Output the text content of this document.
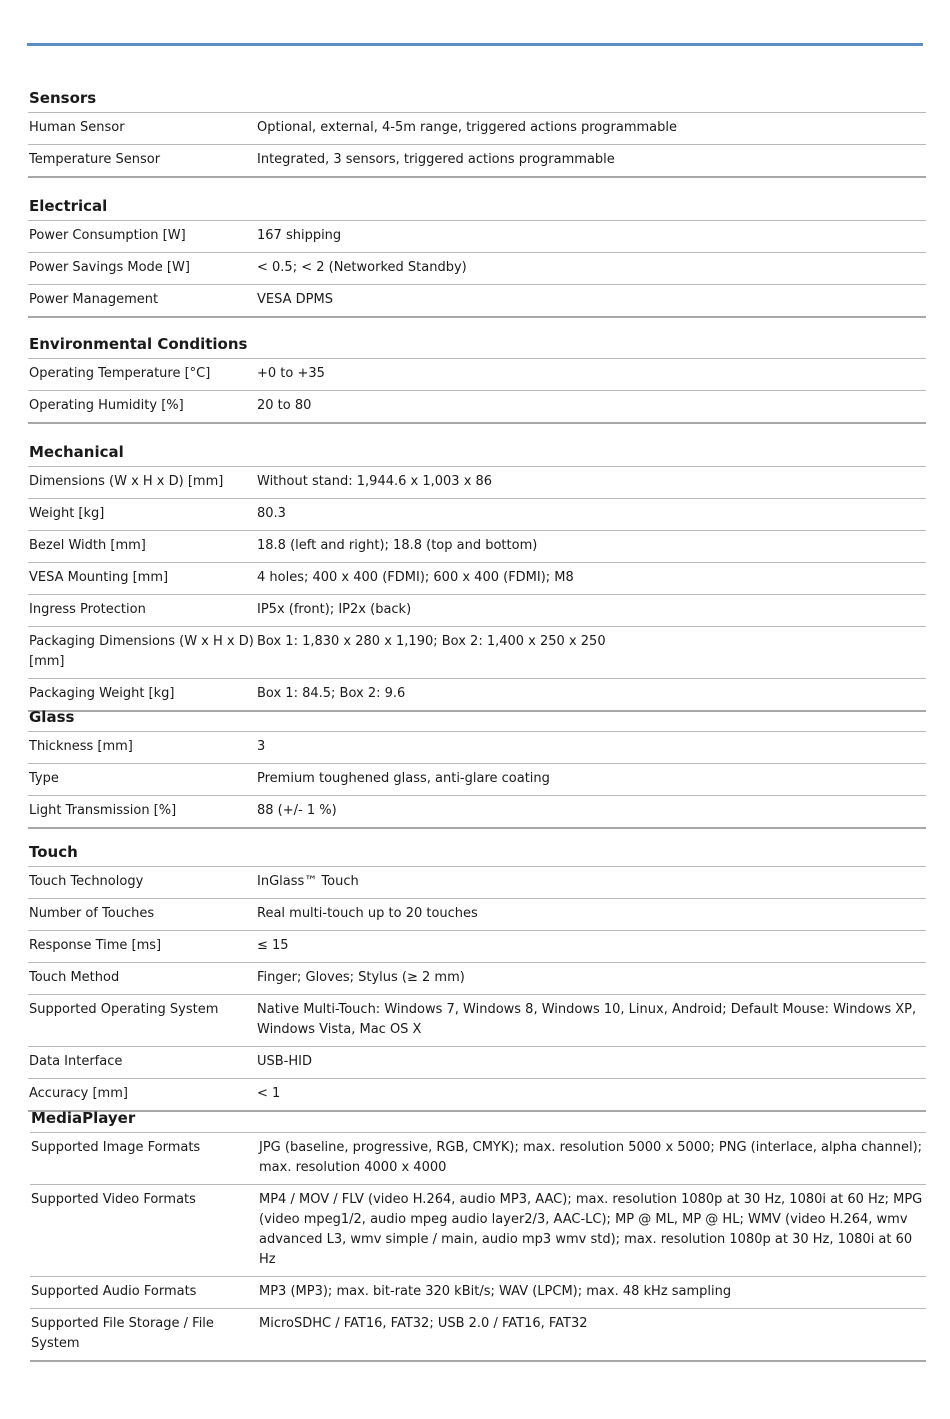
Sensors
Human Sensor	Optional, external, 4-5m range, triggered actions programmable
Temperature Sensor	Integrated, 3 sensors, triggered actions programmable
Electrical
Power Consumption [W]	167 shipping
Power Savings Mode [W]	< 0.5; < 2 (Networked Standby)
Power Management	VESA DPMS
Environmental Conditions
Operating Temperature [°C]	+0 to +35
Operating Humidity [%]	20 to 80
Mechanical
Dimensions (W x H x D) [mm]	Without stand: 1,944.6 x 1,003 x 86
Weight [kg]	80.3
Bezel Width [mm]	18.8 (left and right); 18.8 (top and bottom)
VESA Mounting [mm]	4 holes; 400 x 400 (FDMI); 600 x 400 (FDMI); M8
Ingress Protection	IP5x (front); IP2x (back)
Packaging Dimensions (W x H x D) [mm]	Box 1: 1,830 x 280 x 1,190; Box 2: 1,400 x 250 x 250
Packaging Weight [kg]	Box 1: 84.5; Box 2: 9.6
Glass
Thickness [mm]	3
Type	Premium toughened glass, anti-glare coating
Light Transmission [%]	88 (+/- 1 %)
Touch
Touch Technology	InGlass™ Touch
Number of Touches	Real multi-touch up to 20 touches
Response Time [ms]	≤ 15
Touch Method	Finger; Gloves; Stylus (≥ 2 mm)
Supported Operating System	Native Multi-Touch: Windows 7, Windows 8, Windows 10, Linux, Android; Default Mouse: Windows XP, Windows Vista, Mac OS X
Data Interface	USB-HID
Accuracy [mm]	< 1
MediaPlayer
Supported Image Formats	JPG (baseline, progressive, RGB, CMYK); max. resolution 5000 x 5000; PNG (interlace, alpha channel); max. resolution 4000 x 4000
Supported Video Formats	MP4 / MOV / FLV (video H.264, audio MP3, AAC); max. resolution 1080p at 30 Hz, 1080i at 60 Hz; MPG (video mpeg1/2, audio mpeg audio layer2/3, AAC-LC); MP @ ML, MP @ HL; WMV (video H.264, wmv advanced L3, wmv simple / main, audio mp3 wmv std); max. resolution 1080p at 30 Hz, 1080i at 60 Hz
Supported Audio Formats	MP3 (MP3); max. bit-rate 320 kBit/s; WAV (LPCM); max. 48 kHz sampling
Supported File Storage / File System	MicroSDHC / FAT16, FAT32; USB 2.0 / FAT16, FAT32
